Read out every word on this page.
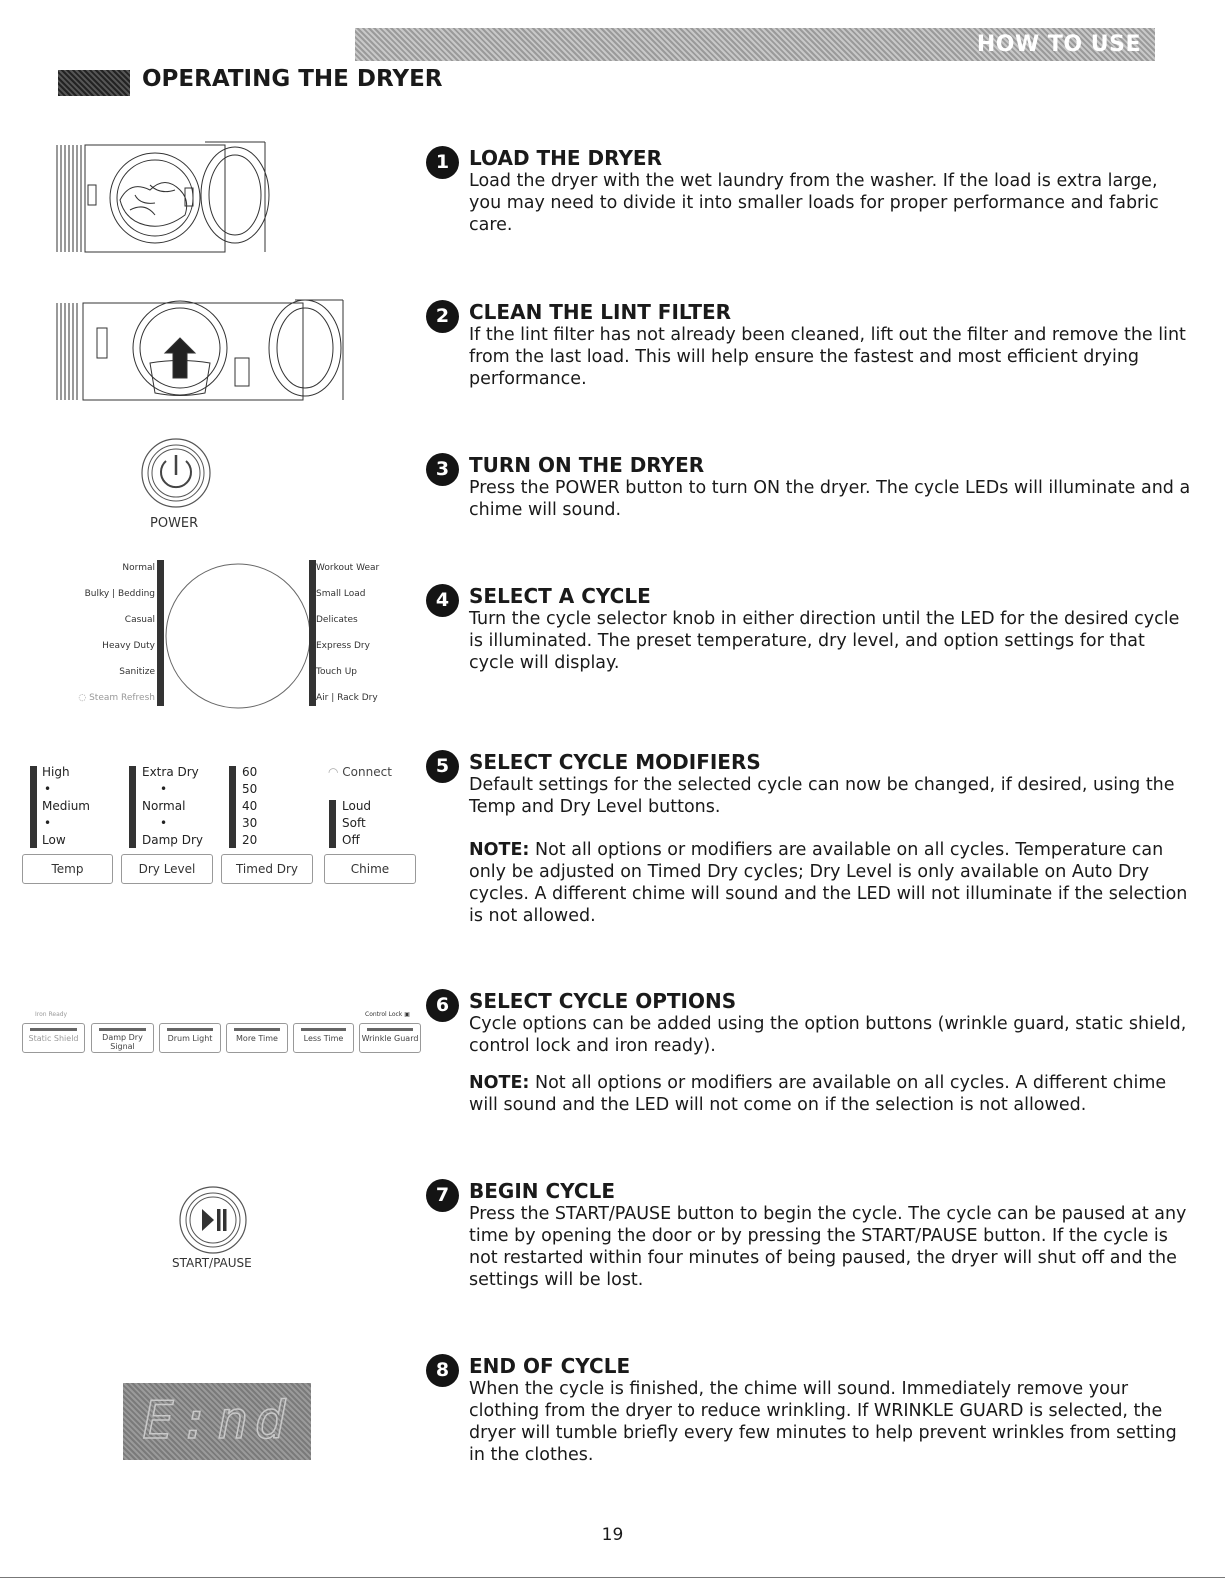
HOW TO USE
OPERATING THE DRYER
POWER
Normal
Bulky | Bedding
Casual
Heavy Duty
Sanitize
◌ Steam Refresh
Workout Wear
Small Load
Delicates
Express Dry
Touch Up
Air | Rack Dry
High
•
Medium
•
Low
Extra Dry
•
Normal
•
Damp Dry
60
50
40
30
20
◠ Connect
Loud
Soft
Off
Temp	Dry Level	Timed Dry	Chime
Iron Ready	Control Lock ▣
Static Shield	Damp Dry Signal
Drum Light	More Time	Less Time	Wrinkle Guard
START/PAUSE
E:nd
1 LOAD THE DRYER
Load the dryer with the wet laundry from the washer. If the load is extra large, you may need to divide it into smaller loads for proper performance and fabric care.
2 CLEAN THE LINT FILTER
If the lint filter has not already been cleaned, lift out the filter and remove the lint from the last load. This will help ensure the fastest and most efficient drying performance.
3 TURN ON THE DRYER
Press the POWER button to turn ON the dryer. The cycle LEDs will illuminate and a chime will sound.
4 SELECT A CYCLE
Turn the cycle selector knob in either direction until the LED for the desired cycle is illuminated. The preset temperature, dry level, and option settings for that cycle will display.
5 SELECT CYCLE MODIFIERS
Default settings for the selected cycle can now be changed, if desired, using the Temp and Dry Level buttons.
NOTE: Not all options or modifiers are available on all cycles. Temperature can only be adjusted on Timed Dry cycles; Dry Level is only available on Auto Dry cycles. A different chime will sound and the LED will not illuminate if the selection is not allowed.
6 SELECT CYCLE OPTIONS
Cycle options can be added using the option buttons (wrinkle guard, static shield, control lock and iron ready).
NOTE: Not all options or modifiers are available on all cycles. A different chime will sound and the LED will not come on if the selection is not allowed.
7 BEGIN CYCLE
Press the START/PAUSE button to begin the cycle. The cycle can be paused at any time by opening the door or by pressing the START/PAUSE button. If the cycle is not restarted within four minutes of being paused, the dryer will shut off and the settings will be lost.
8 END OF CYCLE
When the cycle is finished, the chime will sound. Immediately remove your clothing from the dryer to reduce wrinkling. If WRINKLE GUARD is selected, the dryer will tumble briefly every few minutes to help prevent wrinkles from setting in the clothes.
19
